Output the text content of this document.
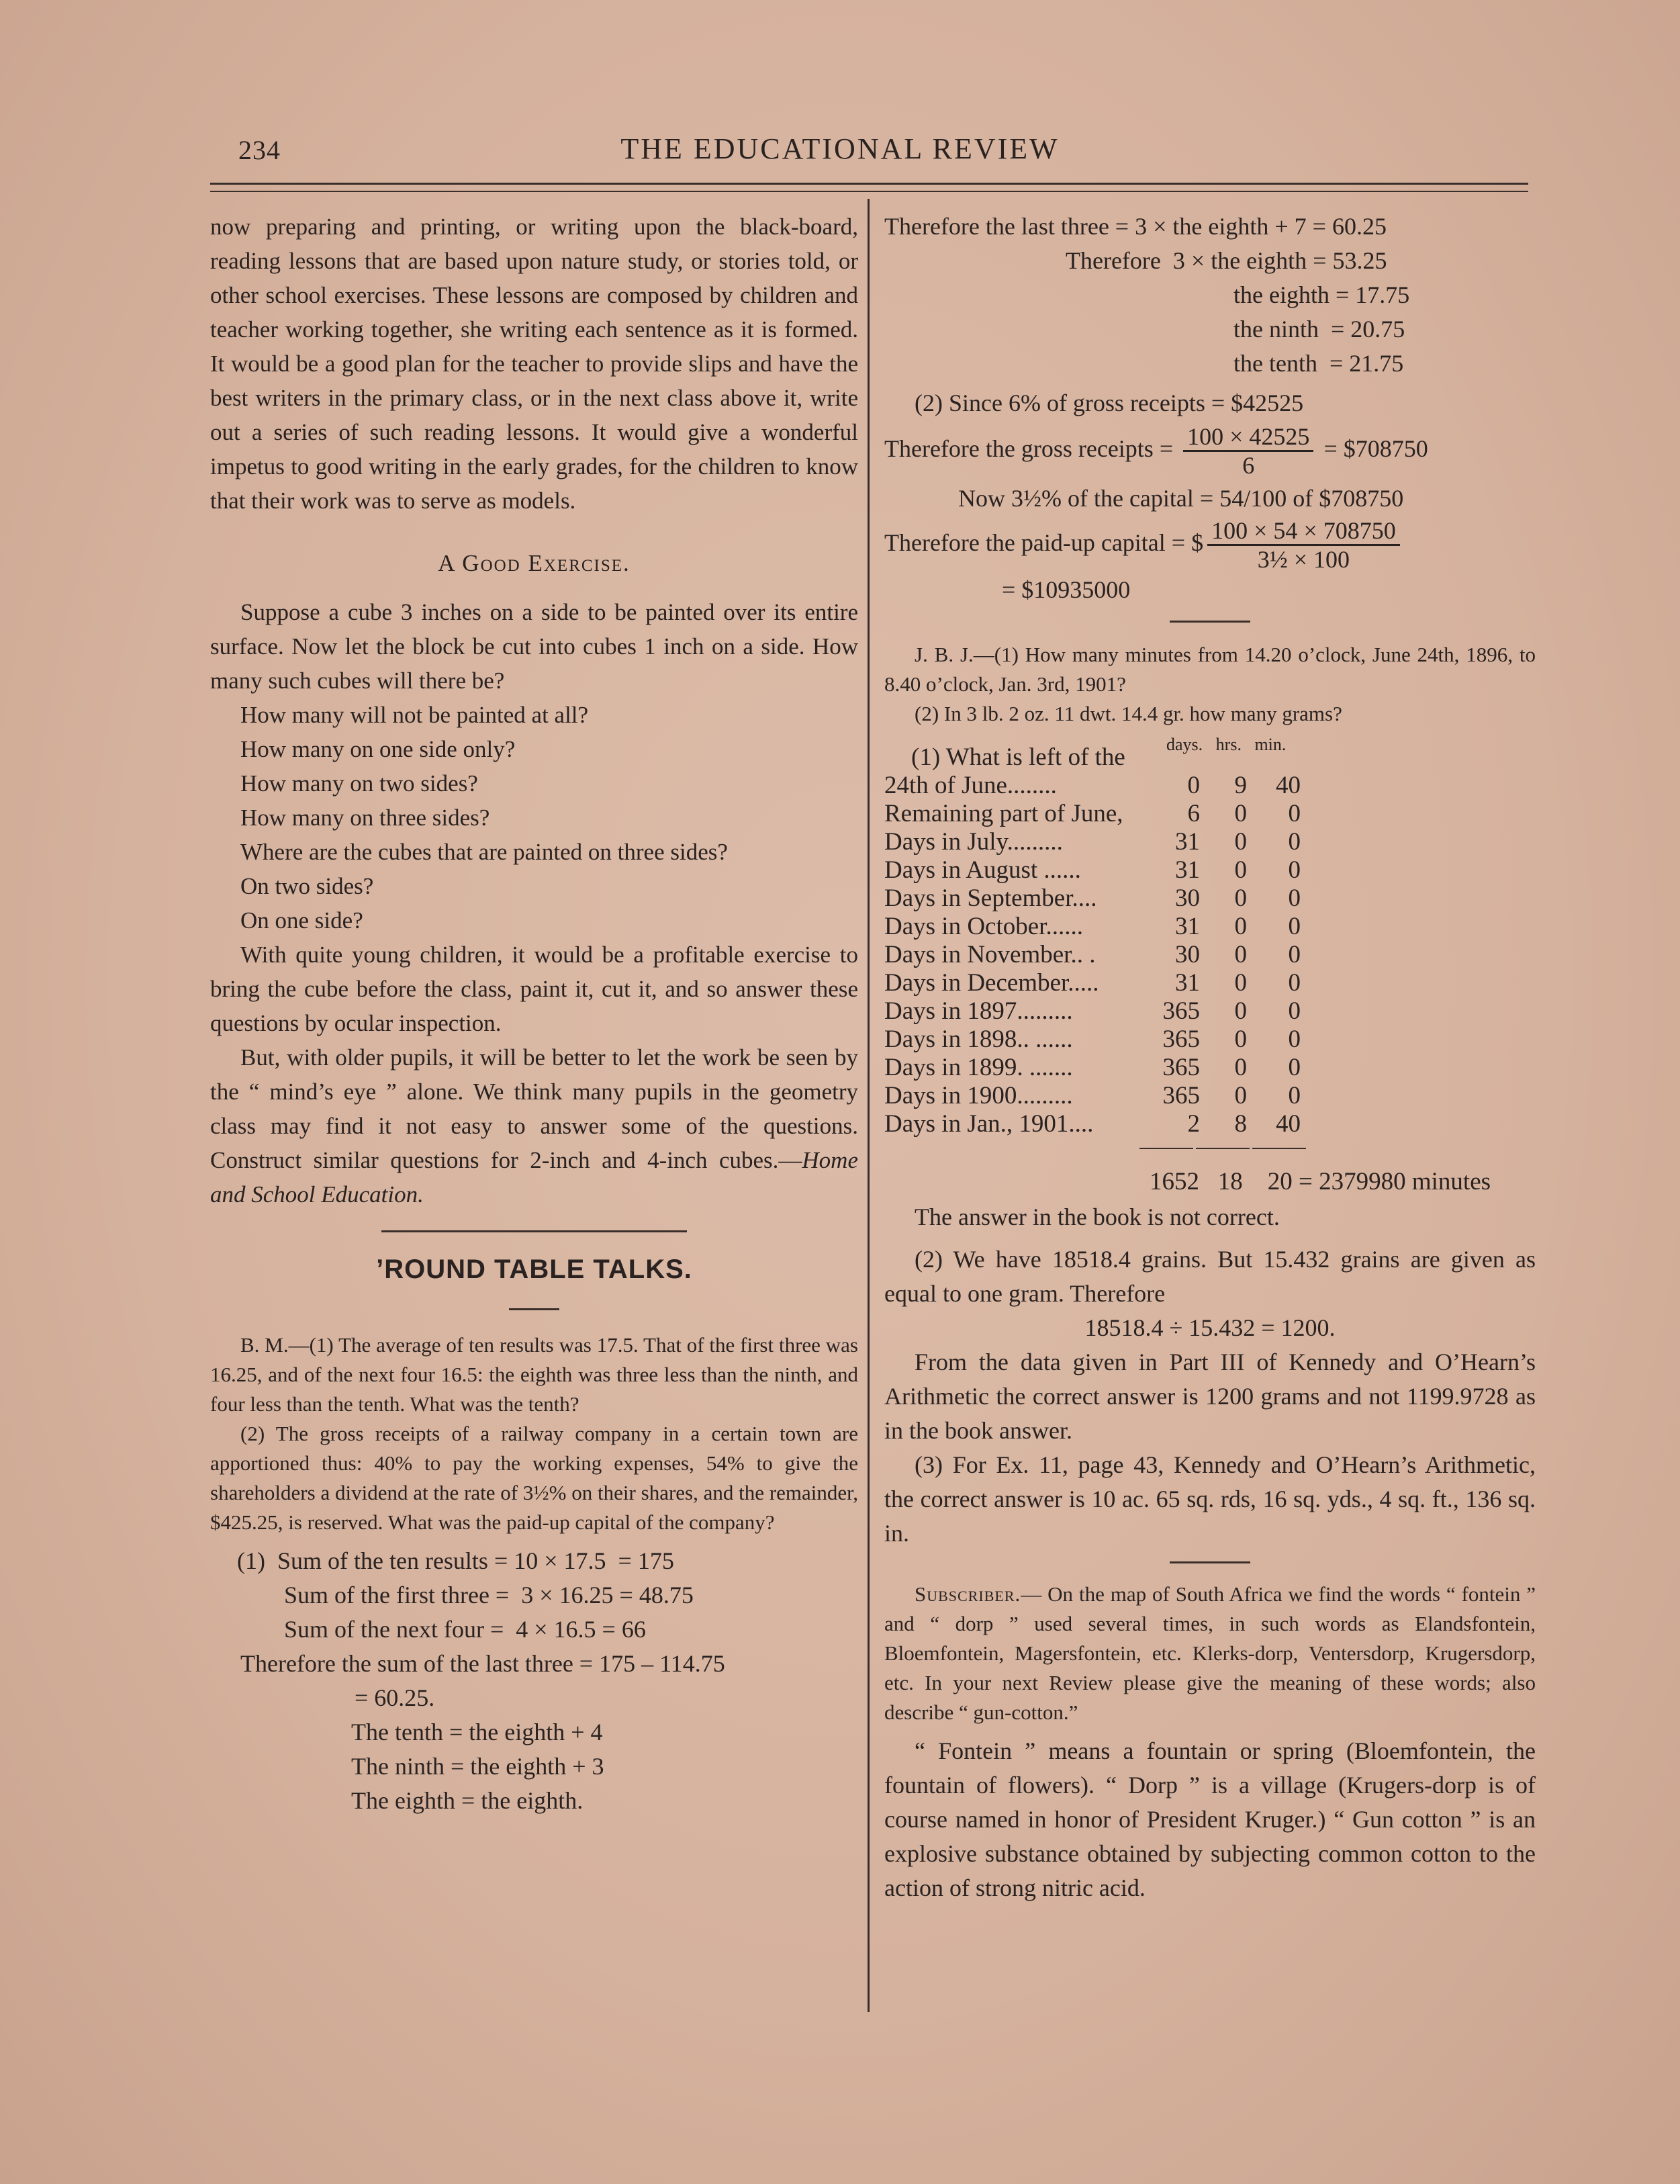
234	THE EDUCATIONAL REVIEW

now preparing and printing, or writing upon the black-board, reading lessons that are based upon nature study, or stories told, or other school exercises. These lessons are composed by children and teacher working together, she writing each sentence as it is formed. It would be a good plan for the teacher to provide slips and have the best writers in the primary class, or in the next class above it, write out a series of such reading lessons. It would give a wonderful impetus to good writing in the early grades, for the children to know that their work was to serve as models.

A Good Exercise.

Suppose a cube 3 inches on a side to be painted over its entire surface. Now let the block be cut into cubes 1 inch on a side. How many such cubes will there be?

How many will not be painted at all?

How many on one side only?

How many on two sides?

How many on three sides?

Where are the cubes that are painted on three sides?

On two sides?

On one side?

With quite young children, it would be a profitable exercise to bring the cube before the class, paint it, cut it, and so answer these questions by ocular inspection.

But, with older pupils, it will be better to let the work be seen by the “ mind’s eye ” alone. We think many pupils in the geometry class may find it not easy to answer some of the questions. Construct similar questions for 2-inch and 4-inch cubes.—Home and School Education.

’ROUND TABLE TALKS.

B. M.—(1) The average of ten results was 17.5. That of the first three was 16.25, and of the next four 16.5: the eighth was three less than the ninth, and four less than the tenth. What was the tenth?
(2) The gross receipts of a railway company in a certain town are apportioned thus: 40% to pay the working expenses, 54% to give the shareholders a dividend at the rate of 3½% on their shares, and the remainder, $425.25, is reserved. What was the paid-up capital of the company?
(1)  Sum of the ten results = 10 × 17.5  = 175
Sum of the first three =  3 × 16.25 = 48.75
Sum of the next four =  4 × 16.5 = 66
Therefore the sum of the last three = 175 – 114.75
= 60.25.
The tenth = the eighth + 4
The ninth = the eighth + 3
The eighth = the eighth.
Therefore the last three = 3 × the eighth + 7 = 60.25
Therefore  3 × the eighth = 53.25
the eighth = 17.75
the ninth  = 20.75
the tenth  = 21.75
(2) Since 6% of gross receipts = $42525
Therefore the gross receipts = $\frac{100 \times 42525}{6}$ = $708750
Now 3½% of the capital = 54/100 of $708750
Therefore the paid-up capital = $ $\frac{100 \times 54 \times 708750}{\text{3½ × 100}}$
= $10935000
J. B. J.—(1) How many minutes from 14.20 o’clock, June 24th, 1896, to 8.40 o’clock, Jan. 3rd, 1901?
(2) In 3 lb. 2 oz. 11 dwt. 14.4 gr. how many grams?
days. hrs. min.
(1) What is left of the
24th of June........	0	9	40
Remaining part of June,	6	0	0
Days in July.........	31	0	0
Days in August ......	31	0	0
Days in September....	30	0	0
Days in October......	31	0	0
Days in November.. .	30	0	0
Days in December.....	31	0	0
Days in 1897.........	365	0	0
Days in 1898.. ......	365	0	0
Days in 1899. .......	365	0	0
Days in 1900.........	365	0	0
Days in Jan., 1901....	2	8	40
1652 18 20 = 2379980 minutes

The answer in the book is not correct.

(2) We have 18518.4 grains. But 15.432 grains are given as equal to one gram. Therefore

18518.4 ÷ 15.432 = 1200.

From the data given in Part III of Kennedy and O’Hearn’s Arithmetic the correct answer is 1200 grams and not 1199.9728 as in the book answer.

(3) For Ex. 11, page 43, Kennedy and O’Hearn’s Arithmetic, the correct answer is 10 ac. 65 sq. rds, 16 sq. yds., 4 sq. ft., 136 sq. in.

Subscriber.— On the map of South Africa we find the words “ fontein ” and “ dorp ” used several times, in such words as Elandsfontein, Bloemfontein, Magersfontein, etc. Klerks-dorp, Ventersdorp, Krugersdorp, etc. In your next Review please give the meaning of these words; also describe “ gun-cotton.”
“ Fontein ” means a fountain or spring (Bloemfontein, the fountain of flowers). “ Dorp ” is a village (Krugers-dorp is of course named in honor of President Kruger.) “ Gun cotton ” is an explosive substance obtained by subjecting common cotton to the action of strong nitric acid.
